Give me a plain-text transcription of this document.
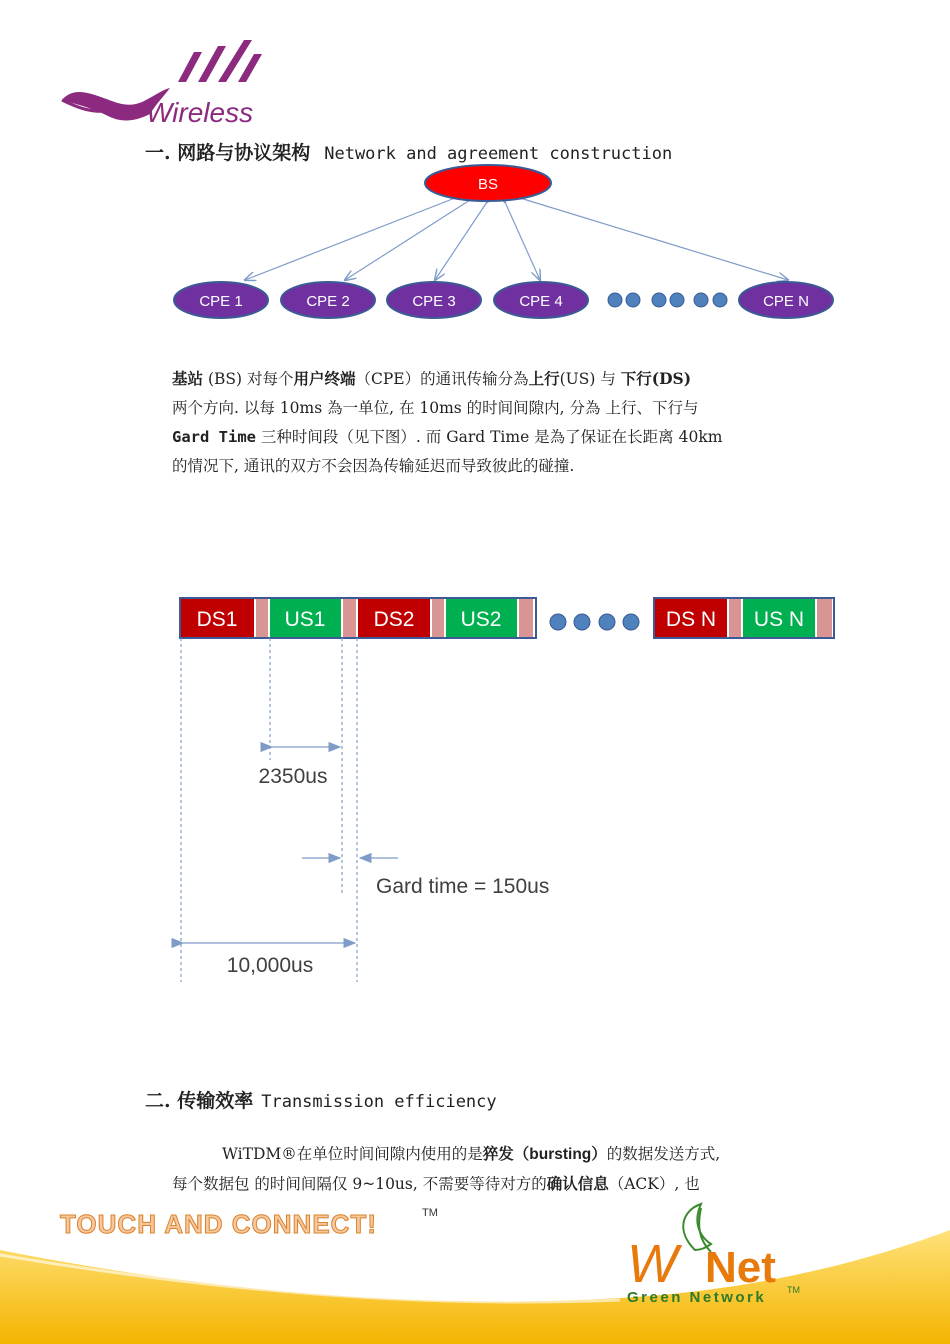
Wireless
一. 网路与协议架构 Network and agreement construction
BS
CPE 1	CPE 2	CPE 3	CPE 4	CPE N
基站 (BS) 对每个用户终端（CPE）的通讯传输分為上行(US) 与 下行(DS)
两个方向. 以每 10ms 為一单位, 在 10ms 的时间间隙内, 分為 上行、下行与
Gard Time 三种时间段（见下图）. 而 Gard Time 是為了保证在长距离 40km
的情况下, 通讯的双方不会因為传输延迟而导致彼此的碰撞.
DS1 US1 DS2 US2	DS N US N
2350us
Gard time = 150us
10,000us
二. 传输效率 Transmission efficiency
WiTDM®在单位时间间隙内使用的是猝发（bursting）的数据发送方式,
每个数据包 的时间间隔仅 9~10us, 不需要等待对方的确认信息（ACK）, 也
TOUCH AND CONNECT!	TM
W Net
Green Network TM
